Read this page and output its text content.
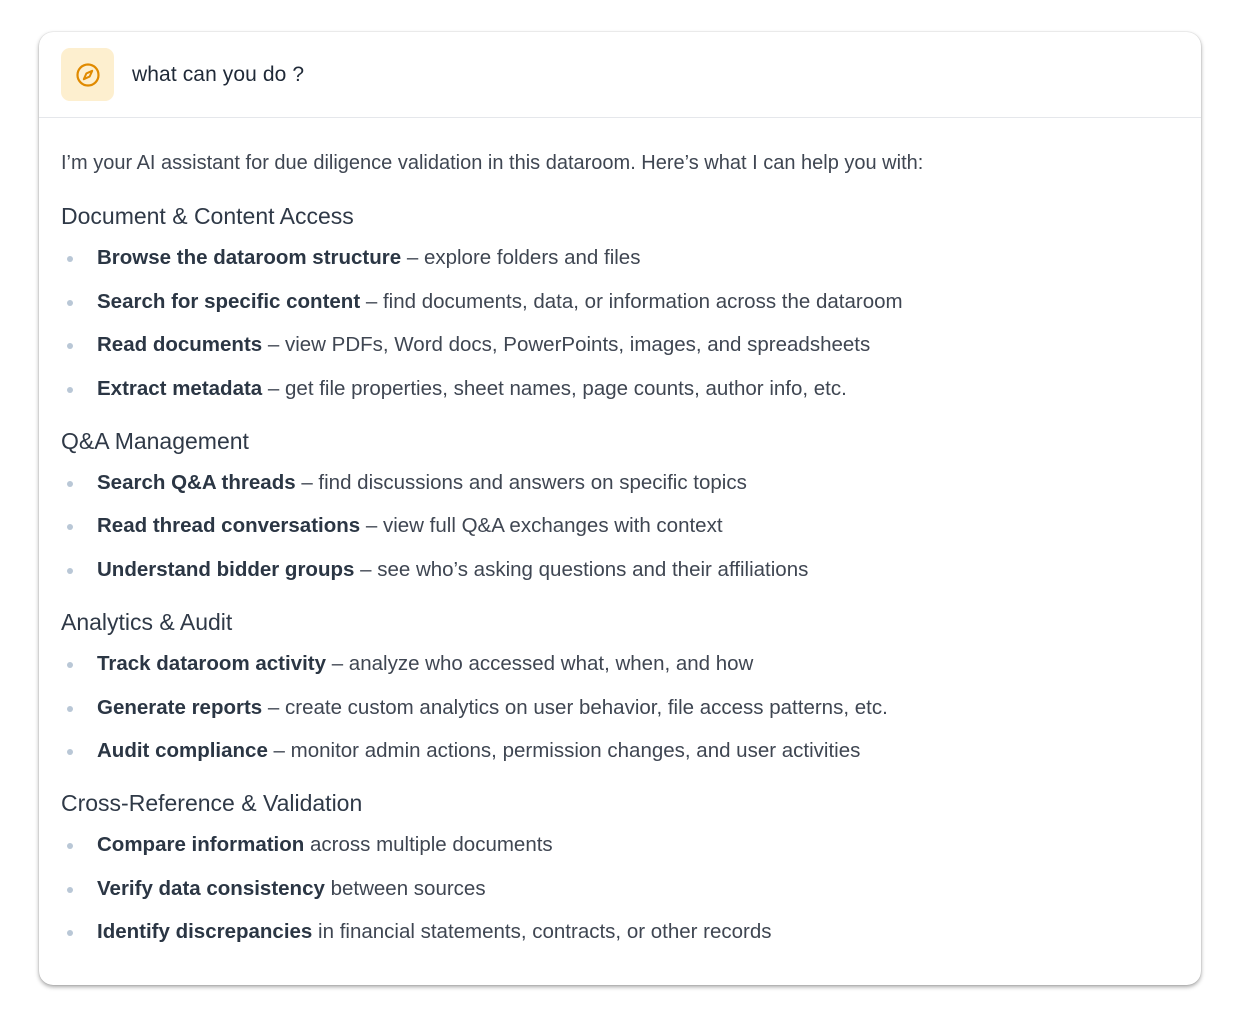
what can you do ?

I’m your AI assistant for due diligence validation in this dataroom. Here’s what I can help you with:

Document & Content Access
Browse the dataroom structure – explore folders and files
Search for specific content – find documents, data, or information across the dataroom
Read documents – view PDFs, Word docs, PowerPoints, images, and spreadsheets
Extract metadata – get file properties, sheet names, page counts, author info, etc.
Q&A Management
Search Q&A threads – find discussions and answers on specific topics
Read thread conversations – view full Q&A exchanges with context
Understand bidder groups – see who’s asking questions and their affiliations
Analytics & Audit
Track dataroom activity – analyze who accessed what, when, and how
Generate reports – create custom analytics on user behavior, file access patterns, etc.
Audit compliance – monitor admin actions, permission changes, and user activities
Cross-Reference & Validation
Compare information across multiple documents
Verify data consistency between sources
Identify discrepancies in financial statements, contracts, or other records
